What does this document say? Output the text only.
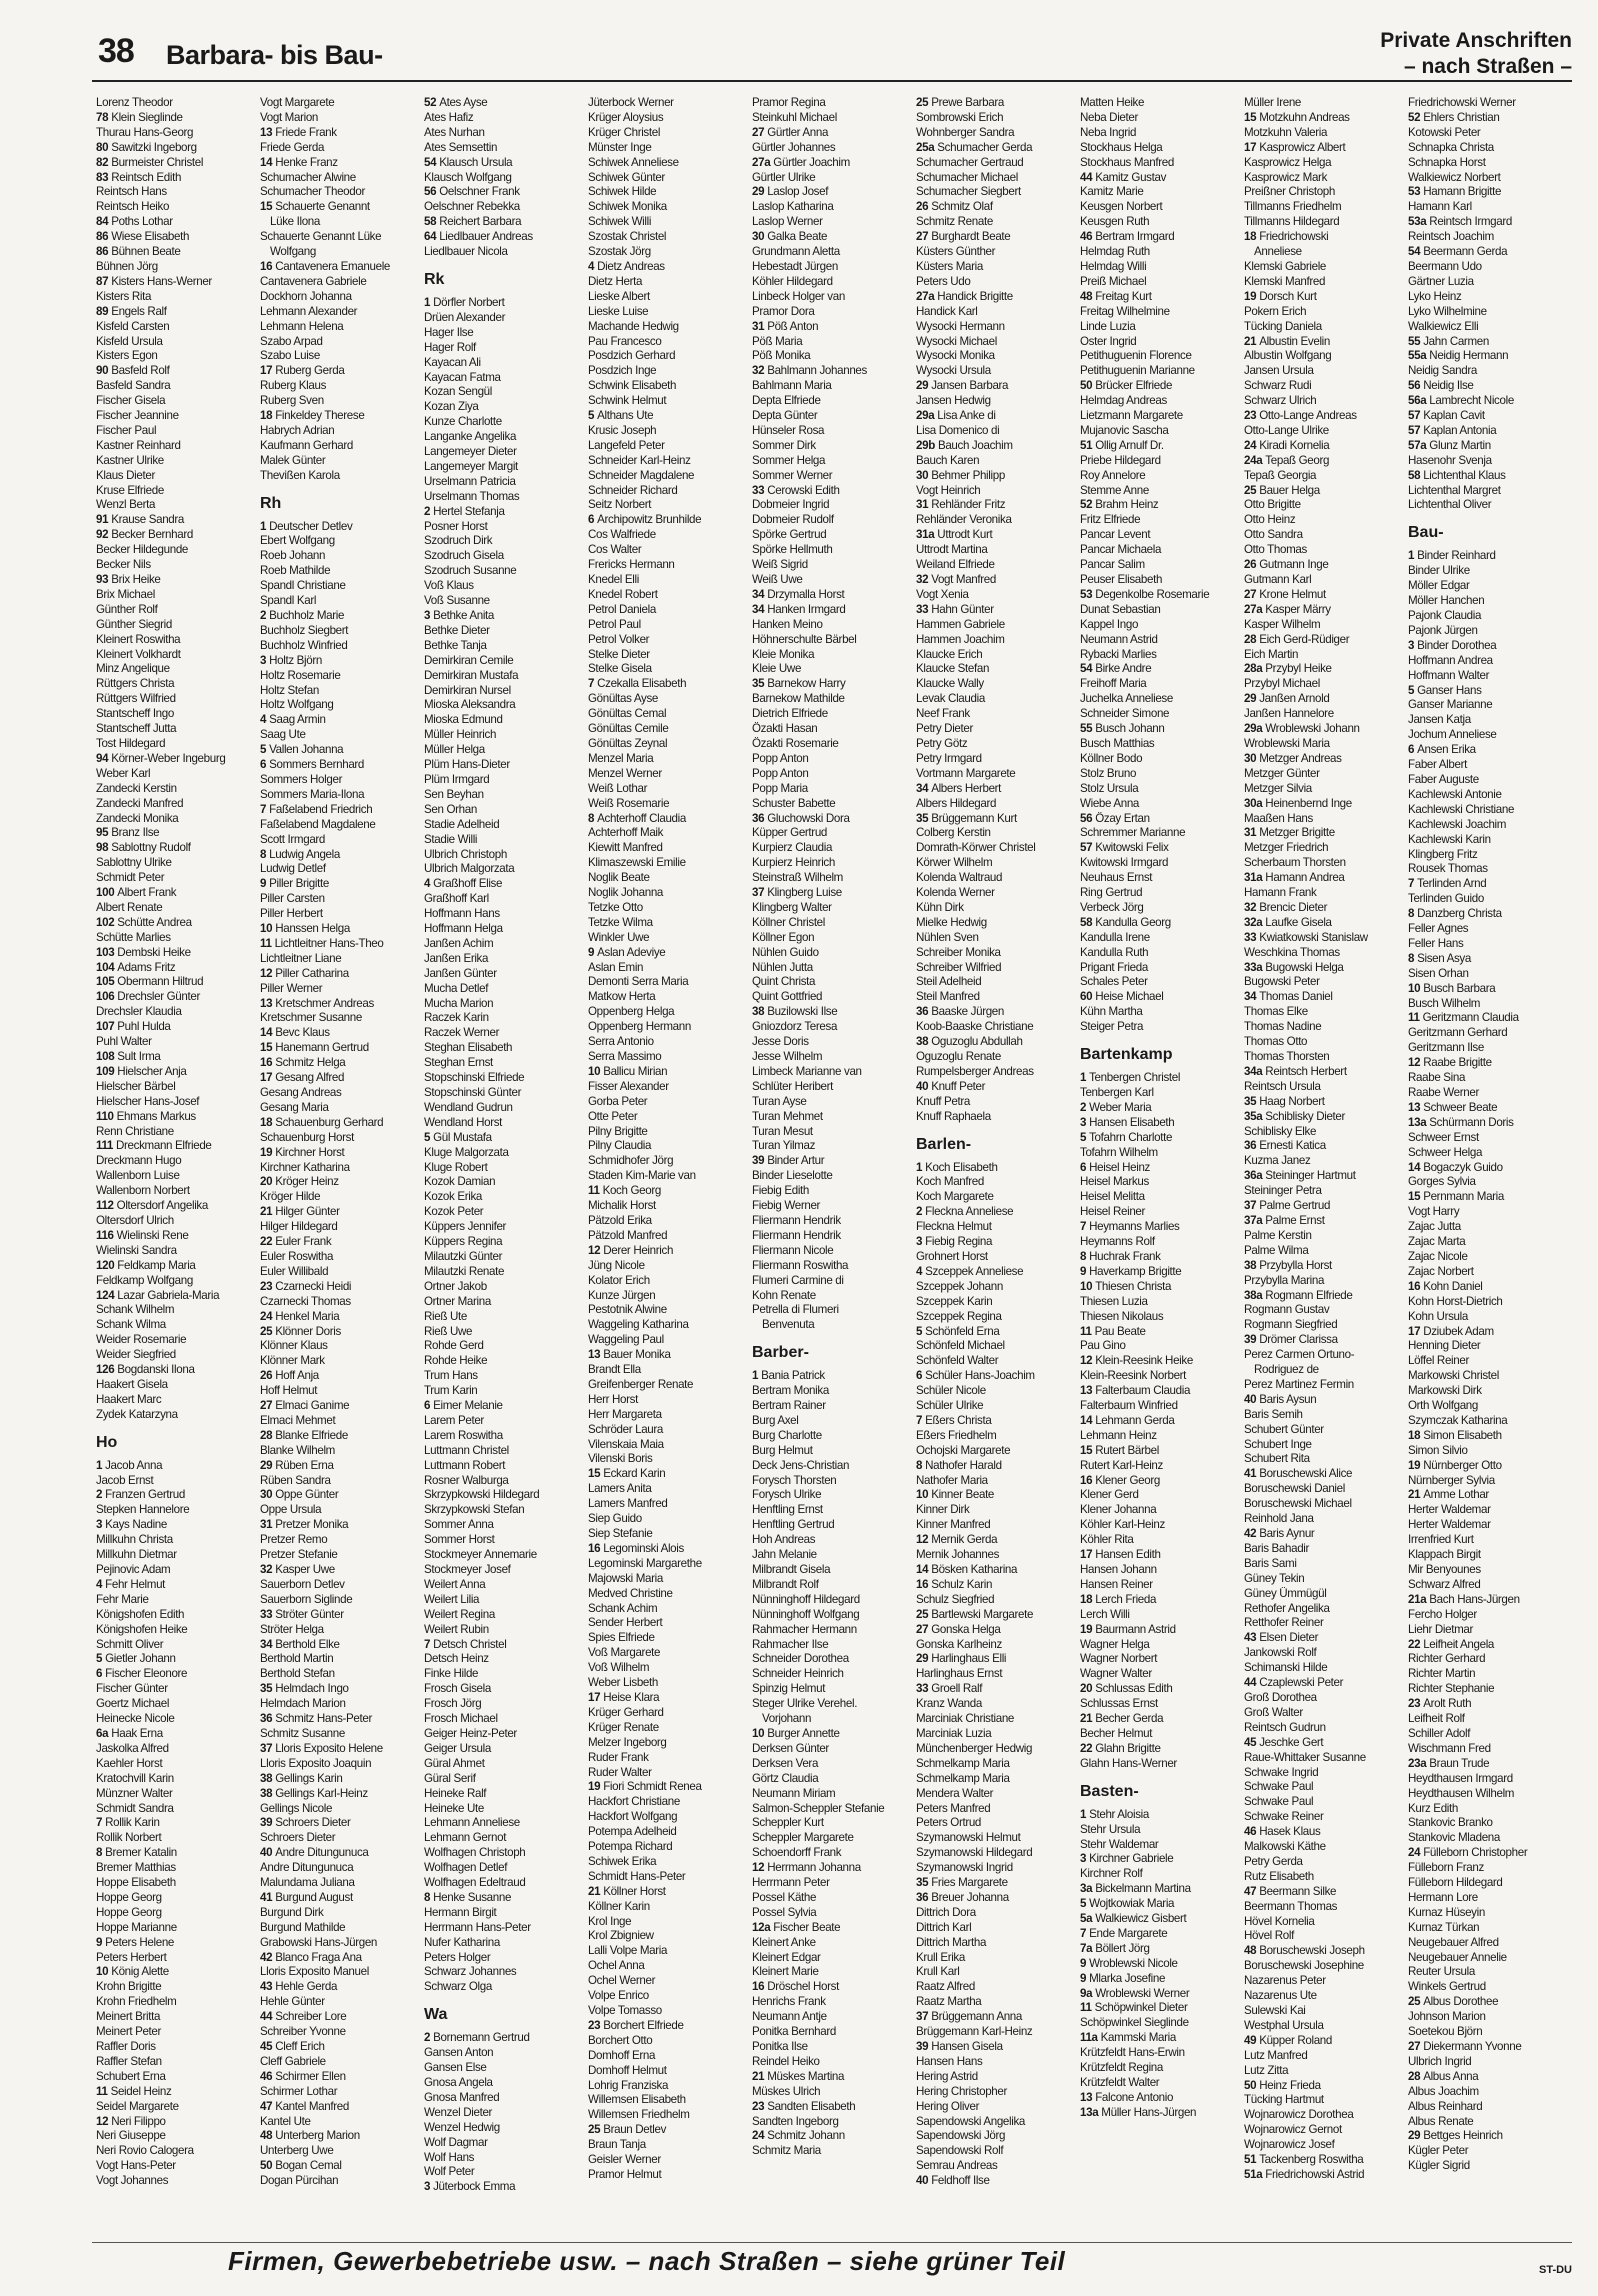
38 Barbara- bis Bau-	Private Anschriften
– nach Straßen –
Lorenz Theodor
78 Klein Sieglinde
Thurau Hans-Georg
80 Sawitzki Ingeborg
82 Burmeister Christel
83 Reintsch Edith
Reintsch Hans
Reintsch Heiko
84 Poths Lothar
86 Wiese Elisabeth
86 Bühnen Beate
Bühnen Jörg
87 Kisters Hans-Werner
Kisters Rita
89 Engels Ralf
Kisfeld Carsten
Kisfeld Ursula
Kisters Egon
90 Basfeld Rolf
Basfeld Sandra
Fischer Gisela
Fischer Jeannine
Fischer Paul
Kastner Reinhard
Kastner Ulrike
Klaus Dieter
Kruse Elfriede
Wenzl Berta
91 Krause Sandra
92 Becker Bernhard
Becker Hildegunde
Becker Nils
93 Brix Heike
Brix Michael
Günther Rolf
Günther Siegrid
Kleinert Roswitha
Kleinert Volkhardt
Minz Angelique
Rüttgers Christa
Rüttgers Wilfried
Stantscheff Ingo
Stantscheff Jutta
Tost Hildegard
94 Körner-Weber Ingeburg
Weber Karl
Zandecki Kerstin
Zandecki Manfred
Zandecki Monika
95 Branz Ilse
98 Sablottny Rudolf
Sablottny Ulrike
Schmidt Peter
100 Albert Frank
Albert Renate
102 Schütte Andrea
Schütte Marlies
103 Dembski Heike
104 Adams Fritz
105 Obermann Hiltrud
106 Drechsler Günter
Drechsler Klaudia
107 Puhl Hulda
Puhl Walter
108 Sult Irma
109 Hielscher Anja
Hielscher Bärbel
Hielscher Hans-Josef
110 Ehmans Markus
Renn Christiane
111 Dreckmann Elfriede
Dreckmann Hugo
Wallenborn Luise
Wallenborn Norbert
112 Oltersdorf Angelika
Oltersdorf Ulrich
116 Wielinski Rene
Wielinski Sandra
120 Feldkamp Maria
Feldkamp Wolfgang
124 Lazar Gabriela-Maria
Schank Wilhelm
Schank Wilma
Weider Rosemarie
Weider Siegfried
126 Bogdanski Ilona
Haakert Gisela
Haakert Marc
Zydek Katarzyna
Ho
1 Jacob Anna
Jacob Ernst
2 Franzen Gertrud
Stepken Hannelore
3 Kays Nadine
Millkuhn Christa
Millkuhn Dietmar
Pejinovic Adam
4 Fehr Helmut
Fehr Marie
Königshofen Edith
Königshofen Heike
Schmitt Oliver
5 Gietler Johann
6 Fischer Eleonore
Fischer Günter
Goertz Michael
Heinecke Nicole
6a Haak Erna
Jaskolka Alfred
Kaehler Horst
Kratochvill Karin
Münzner Walter
Schmidt Sandra
7 Rollik Karin
Rollik Norbert
8 Bremer Katalin
Bremer Matthias
Hoppe Elisabeth
Hoppe Georg
Hoppe Georg
Hoppe Marianne
9 Peters Helene
Peters Herbert
10 König Alette
Krohn Brigitte
Krohn Friedhelm
Meinert Britta
Meinert Peter
Raffler Doris
Raffler Stefan
Schubert Erna
11 Seidel Heinz
Seidel Margarete
12 Neri Filippo
Neri Giuseppe
Neri Rovio Calogera
Vogt Hans-Peter
Vogt Johannes
Vogt Margarete
Vogt Marion
13 Friede Frank
Friede Gerda
14 Henke Franz
Schumacher Alwine
Schumacher Theodor
15 Schauerte Genannt
Lüke Ilona
Schauerte Genannt Lüke
Wolfgang
16 Cantavenera Emanuele
Cantavenera Gabriele
Dockhorn Johanna
Lehmann Alexander
Lehmann Helena
Szabo Arpad
Szabo Luise
17 Ruberg Gerda
Ruberg Klaus
Ruberg Sven
18 Finkeldey Therese
Habrych Adrian
Kaufmann Gerhard
Malek Günter
Thevißen Karola
Rh
1 Deutscher Detlev
Ebert Wolfgang
Roeb Johann
Roeb Mathilde
Spandl Christiane
Spandl Karl
2 Buchholz Marie
Buchholz Siegbert
Buchholz Winfried
3 Holtz Björn
Holtz Rosemarie
Holtz Stefan
Holtz Wolfgang
4 Saag Armin
Saag Ute
5 Vallen Johanna
6 Sommers Bernhard
Sommers Holger
Sommers Maria-Ilona
7 Faßelabend Friedrich
Faßelabend Magdalene
Scott Irmgard
8 Ludwig Angela
Ludwig Detlef
9 Piller Brigitte
Piller Carsten
Piller Herbert
10 Hanssen Helga
11 Lichtleitner Hans-Theo
Lichtleitner Liane
12 Piller Catharina
Piller Werner
13 Kretschmer Andreas
Kretschmer Susanne
14 Bevc Klaus
15 Hanemann Gertrud
16 Schmitz Helga
17 Gesang Alfred
Gesang Andreas
Gesang Maria
18 Schauenburg Gerhard
Schauenburg Horst
19 Kirchner Horst
Kirchner Katharina
20 Kröger Heinz
Kröger Hilde
21 Hilger Günter
Hilger Hildegard
22 Euler Frank
Euler Roswitha
Euler Willibald
23 Czarnecki Heidi
Czarnecki Thomas
24 Henkel Maria
25 Klönner Doris
Klönner Klaus
Klönner Mark
26 Hoff Anja
Hoff Helmut
27 Elmaci Ganime
Elmaci Mehmet
28 Blanke Elfriede
Blanke Wilhelm
29 Rüben Erna
Rüben Sandra
30 Oppe Günter
Oppe Ursula
31 Pretzer Monika
Pretzer Remo
Pretzer Stefanie
32 Kasper Uwe
Sauerborn Detlev
Sauerborn Siglinde
33 Ströter Günter
Ströter Helga
34 Berthold Elke
Berthold Martin
Berthold Stefan
35 Helmdach Ingo
Helmdach Marion
36 Schmitz Hans-Peter
Schmitz Susanne
37 Lloris Exposito Helene
Lloris Exposito Joaquin
38 Gellings Karin
38 Gellings Karl-Heinz
Gellings Nicole
39 Schroers Dieter
Schroers Dieter
40 Andre Ditungunuca
Andre Ditungunuca
Malundama Juliana
41 Burgund August
Burgund Dirk
Burgund Mathilde
Grabowski Hans-Jürgen
42 Blanco Fraga Ana
Lloris Exposito Manuel
43 Hehle Gerda
Hehle Günter
44 Schreiber Lore
Schreiber Yvonne
45 Cleff Erich
Cleff Gabriele
46 Schirmer Ellen
Schirmer Lothar
47 Kantel Manfred
Kantel Ute
48 Unterberg Marion
Unterberg Uwe
50 Bogan Cemal
Dogan Pürcihan
52 Ates Ayse
Ates Hafiz
Ates Nurhan
Ates Semsettin
54 Klausch Ursula
Klausch Wolfgang
56 Oelschner Frank
Oelschner Rebekka
58 Reichert Barbara
64 Liedlbauer Andreas
Liedlbauer Nicola
Rk
1 Dörfler Norbert
Drüen Alexander
Hager Ilse
Hager Rolf
Kayacan Ali
Kayacan Fatma
Kozan Sengül
Kozan Ziya
Kunze Charlotte
Langanke Angelika
Langemeyer Dieter
Langemeyer Margit
Urselmann Patricia
Urselmann Thomas
2 Hertel Stefanja
Posner Horst
Szodruch Dirk
Szodruch Gisela
Szodruch Susanne
Voß Klaus
Voß Susanne
3 Bethke Anita
Bethke Dieter
Bethke Tanja
Demirkiran Cemile
Demirkiran Mustafa
Demirkiran Nursel
Mioska Aleksandra
Mioska Edmund
Müller Heinrich
Müller Helga
Plüm Hans-Dieter
Plüm Irmgard
Sen Beyhan
Sen Orhan
Stadie Adelheid
Stadie Willi
Ulbrich Christoph
Ulbrich Malgorzata
4 Graßhoff Elise
Graßhoff Karl
Hoffmann Hans
Hoffmann Helga
Janßen Achim
Janßen Erika
Janßen Günter
Mucha Detlef
Mucha Marion
Raczek Karin
Raczek Werner
Steghan Elisabeth
Steghan Ernst
Stopschinski Elfriede
Stopschinski Günter
Wendland Gudrun
Wendland Horst
5 Gül Mustafa
Kluge Malgorzata
Kluge Robert
Kozok Damian
Kozok Erika
Kozok Peter
Küppers Jennifer
Küppers Regina
Milautzki Günter
Milautzki Renate
Ortner Jakob
Ortner Marina
Rieß Ute
Rieß Uwe
Rohde Gerd
Rohde Heike
Trum Hans
Trum Karin
6 Eimer Melanie
Larem Peter
Larem Roswitha
Luttmann Christel
Luttmann Robert
Rosner Walburga
Skrzypkowski Hildegard
Skrzypkowski Stefan
Sommer Anna
Sommer Horst
Stockmeyer Annemarie
Stockmeyer Josef
Weilert Anna
Weilert Lilia
Weilert Regina
Weilert Rubin
7 Detsch Christel
Detsch Heinz
Finke Hilde
Frosch Gisela
Frosch Jörg
Frosch Michael
Geiger Heinz-Peter
Geiger Ursula
Güral Ahmet
Güral Serif
Heineke Ralf
Heineke Ute
Lehmann Anneliese
Lehmann Gernot
Wolfhagen Christoph
Wolfhagen Detlef
Wolfhagen Edeltraud
8 Henke Susanne
Hermann Birgit
Herrmann Hans-Peter
Nufer Katharina
Peters Holger
Schwarz Johannes
Schwarz Olga
Wa
2 Bornemann Gertrud
Gansen Anton
Gansen Else
Gnosa Angela
Gnosa Manfred
Wenzel Dieter
Wenzel Hedwig
Wolf Dagmar
Wolf Hans
Wolf Peter
3 Jüterbock Emma
Jüterbock Werner
Krüger Aloysius
Krüger Christel
Münster Inge
Schiwek Anneliese
Schiwek Günter
Schiwek Hilde
Schiwek Monika
Schiwek Willi
Szostak Christel
Szostak Jörg
4 Dietz Andreas
Dietz Herta
Lieske Albert
Lieske Luise
Machande Hedwig
Pau Francesco
Posdzich Gerhard
Posdzich Inge
Schwink Elisabeth
Schwink Helmut
5 Althans Ute
Krusic Joseph
Langefeld Peter
Schneider Karl-Heinz
Schneider Magdalene
Schneider Richard
Seitz Norbert
6 Archipowitz Brunhilde
Cos Walfriede
Cos Walter
Frericks Hermann
Knedel Elli
Knedel Robert
Petrol Daniela
Petrol Paul
Petrol Volker
Stelke Dieter
Stelke Gisela
7 Czekalla Elisabeth
Gönültas Ayse
Gönültas Cemal
Gönültas Cemile
Gönültas Zeynal
Menzel Maria
Menzel Werner
Weiß Lothar
Weiß Rosemarie
8 Achterhoff Claudia
Achterhoff Maik
Kiewitt Manfred
Klimaszewski Emilie
Noglik Beate
Noglik Johanna
Tetzke Otto
Tetzke Wilma
Winkler Uwe
9 Aslan Adeviye
Aslan Emin
Demonti Serra Maria
Matkow Herta
Oppenberg Helga
Oppenberg Hermann
Serra Antonio
Serra Massimo
10 Ballicu Mirian
Fisser Alexander
Gorba Peter
Otte Peter
Pilny Brigitte
Pilny Claudia
Schmidhofer Jörg
Staden Kim-Marie van
11 Koch Georg
Michalik Horst
Pätzold Erika
Pätzold Manfred
12 Derer Heinrich
Jüng Nicole
Kolator Erich
Kunze Jürgen
Pestotnik Alwine
Waggeling Katharina
Waggeling Paul
13 Bauer Monika
Brandt Ella
Greifenberger Renate
Herr Horst
Herr Margareta
Schröder Laura
Vilenskaia Maia
Vilenski Boris
15 Eckard Karin
Lamers Anita
Lamers Manfred
Siep Guido
Siep Stefanie
16 Legominski Alois
Legominski Margarethe
Majowski Maria
Medved Christine
Schank Achim
Sender Herbert
Spies Elfriede
Voß Margarete
Voß Wilhelm
Weber Lisbeth
17 Heise Klara
Krüger Gerhard
Krüger Renate
Melzer Ingeborg
Ruder Frank
Ruder Walter
19 Fiori Schmidt Renea
Hackfort Christiane
Hackfort Wolfgang
Potempa Adelheid
Potempa Richard
Schiwek Erika
Schmidt Hans-Peter
21 Köllner Horst
Köllner Karin
Krol Inge
Krol Zbigniew
Lalli Volpe Maria
Ochel Anna
Ochel Werner
Volpe Enrico
Volpe Tomasso
23 Borchert Elfriede
Borchert Otto
Domhoff Erna
Domhoff Helmut
Lohrig Franziska
Willemsen Elisabeth
Willemsen Friedhelm
25 Braun Detlev
Braun Tanja
Geisler Werner
Pramor Helmut
Pramor Regina
Steinkuhl Michael
27 Gürtler Anna
Gürtler Johannes
27a Gürtler Joachim
Gürtler Ulrike
29 Laslop Josef
Laslop Katharina
Laslop Werner
30 Galka Beate
Grundmann Aletta
Hebestadt Jürgen
Köhler Hildegard
Linbeck Holger van
Pramor Dora
31 Pöß Anton
Pöß Maria
Pöß Monika
32 Bahlmann Johannes
Bahlmann Maria
Depta Elfriede
Depta Günter
Hünseler Rosa
Sommer Dirk
Sommer Helga
Sommer Werner
33 Cerowski Edith
Dobmeier Ingrid
Dobmeier Rudolf
Spörke Gertrud
Spörke Hellmuth
Weiß Sigrid
Weiß Uwe
34 Drzymalla Horst
34 Hanken Irmgard
Hanken Meino
Höhnerschulte Bärbel
Kleie Monika
Kleie Uwe
35 Barnekow Harry
Barnekow Mathilde
Dietrich Elfriede
Özakti Hasan
Özakti Rosemarie
Popp Anton
Popp Anton
Popp Maria
Schuster Babette
36 Gluchowski Dora
Küpper Gertrud
Kurpierz Claudia
Kurpierz Heinrich
Steinstraß Wilhelm
37 Klingberg Luise
Klingberg Walter
Köllner Christel
Köllner Egon
Nühlen Guido
Nühlen Jutta
Quint Christa
Quint Gottfried
38 Buzilowski Ilse
Gniozdorz Teresa
Jesse Doris
Jesse Wilhelm
Limbeck Marianne van
Schlüter Heribert
Turan Ayse
Turan Mehmet
Turan Mesut
Turan Yilmaz
39 Binder Artur
Binder Lieselotte
Fiebig Edith
Fiebig Werner
Fliermann Hendrik
Fliermann Hendrik
Fliermann Nicole
Fliermann Roswitha
Flumeri Carmine di
Kohn Renate
Petrella di Flumeri
Benvenuta
Barber-
1 Bania Patrick
Bertram Monika
Bertram Rainer
Burg Axel
Burg Charlotte
Burg Helmut
Deck Jens-Christian
Forysch Thorsten
Forysch Ulrike
Henftling Ernst
Henftling Gertrud
Hoh Andreas
Jahn Melanie
Milbrandt Gisela
Milbrandt Rolf
Nünninghoff Hildegard
Nünninghoff Wolfgang
Rahmacher Hermann
Rahmacher Ilse
Schneider Dorothea
Schneider Heinrich
Spinzig Helmut
Steger Ulrike Verehel.
Vorjohann
10 Burger Annette
Derksen Günter
Derksen Vera
Görtz Claudia
Neumann Miriam
Salmon-Scheppler Stefanie
Scheppler Kurt
Scheppler Margarete
Schoendorff Frank
12 Herrmann Johanna
Herrmann Peter
Possel Käthe
Possel Sylvia
12a Fischer Beate
Kleinert Anke
Kleinert Edgar
Kleinert Marie
16 Dröschel Horst
Henrichs Frank
Neumann Antje
Ponitka Bernhard
Ponitka Ilse
Reindel Heiko
21 Müskes Martina
Müskes Ulrich
23 Sandten Elisabeth
Sandten Ingeborg
24 Schmitz Johann
Schmitz Maria
25 Prewe Barbara
Sombrowski Erich
Wohnberger Sandra
25a Schumacher Gerda
Schumacher Gertraud
Schumacher Michael
Schumacher Siegbert
26 Schmitz Olaf
Schmitz Renate
27 Burghardt Beate
Küsters Günther
Küsters Maria
Peters Udo
27a Handick Brigitte
Handick Karl
Wysocki Hermann
Wysocki Michael
Wysocki Monika
Wysocki Ursula
29 Jansen Barbara
Jansen Hedwig
29a Lisa Anke di
Lisa Domenico di
29b Bauch Joachim
Bauch Karen
30 Behmer Philipp
Vogt Heinrich
31 Rehländer Fritz
Rehländer Veronika
31a Uttrodt Kurt
Uttrodt Martina
Weiland Elfriede
32 Vogt Manfred
Vogt Xenia
33 Hahn Günter
Hammen Gabriele
Hammen Joachim
Klaucke Erich
Klaucke Stefan
Klaucke Wally
Levak Claudia
Neef Frank
Petry Dieter
Petry Götz
Petry Irmgard
Vortmann Margarete
34 Albers Herbert
Albers Hildegard
35 Brüggemann Kurt
Colberg Kerstin
Domrath-Körwer Christel
Körwer Wilhelm
Kolenda Waltraud
Kolenda Werner
Kühn Dirk
Mielke Hedwig
Nühlen Sven
Schreiber Monika
Schreiber Wilfried
Steil Adelheid
Steil Manfred
36 Baaske Jürgen
Koob-Baaske Christiane
38 Oguzoglu Abdullah
Oguzoglu Renate
Rumpelsberger Andreas
40 Knuff Peter
Knuff Petra
Knuff Raphaela
Barlen-
1 Koch Elisabeth
Koch Manfred
Koch Margarete
2 Fleckna Anneliese
Fleckna Helmut
3 Fiebig Regina
Grohnert Horst
4 Szceppek Anneliese
Szceppek Johann
Szceppek Karin
Szceppek Regina
5 Schönfeld Erna
Schönfeld Michael
Schönfeld Walter
6 Schüler Hans-Joachim
Schüler Nicole
Schüler Ulrike
7 Eßers Christa
Eßers Friedhelm
Ochojski Margarete
8 Nathofer Harald
Nathofer Maria
10 Kinner Beate
Kinner Dirk
Kinner Manfred
12 Mernik Gerda
Mernik Johannes
14 Bösken Katharina
16 Schulz Karin
Schulz Siegfried
25 Bartlewski Margarete
27 Gonska Helga
Gonska Karlheinz
29 Harlinghaus Elli
Harlinghaus Ernst
33 Groell Ralf
Kranz Wanda
Marciniak Christiane
Marciniak Luzia
Münchenberger Hedwig
Schmelkamp Maria
Schmelkamp Maria
Mendera Walter
Peters Manfred
Peters Ortrud
Szymanowski Helmut
Szymanowski Hildegard
Szymanowski Ingrid
35 Fries Margarete
36 Breuer Johanna
Dittrich Dora
Dittrich Karl
Dittrich Martha
Krull Erika
Krull Karl
Raatz Alfred
Raatz Martha
37 Brüggemann Anna
Brüggemann Karl-Heinz
39 Hansen Gisela
Hansen Hans
Hering Astrid
Hering Christopher
Hering Oliver
Sapendowski Angelika
Sapendowski Jörg
Sapendowski Rolf
Semrau Andreas
40 Feldhoff Ilse
Matten Heike
Neba Dieter
Neba Ingrid
Stockhaus Helga
Stockhaus Manfred
44 Kamitz Gustav
Kamitz Marie
Keusgen Norbert
Keusgen Ruth
46 Bertram Irmgard
Helmdag Ruth
Helmdag Willi
Preiß Michael
48 Freitag Kurt
Freitag Wilhelmine
Linde Luzia
Oster Ingrid
Petithuguenin Florence
Petithuguenin Marianne
50 Brücker Elfriede
Helmdag Andreas
Lietzmann Margarete
Mujanovic Sascha
51 Ollig Arnulf Dr.
Priebe Hildegard
Roy Annelore
Stemme Anne
52 Brahm Heinz
Fritz Elfriede
Pancar Levent
Pancar Michaela
Pancar Salim
Peuser Elisabeth
53 Degenkolbe Rosemarie
Dunat Sebastian
Kappel Ingo
Neumann Astrid
Rybacki Marlies
54 Birke Andre
Freihoff Maria
Juchelka Anneliese
Schneider Simone
55 Busch Johann
Busch Matthias
Köllner Bodo
Stolz Bruno
Stolz Ursula
Wiebe Anna
56 Özay Ertan
Schremmer Marianne
57 Kwitowski Felix
Kwitowski Irmgard
Neuhaus Ernst
Ring Gertrud
Verbeck Jörg
58 Kandulla Georg
Kandulla Irene
Kandulla Ruth
Prigant Frieda
Schales Peter
60 Heise Michael
Kühn Martha
Steiger Petra
Bartenkamp
1 Tenbergen Christel
Tenbergen Karl
2 Weber Maria
3 Hansen Elisabeth
5 Tofahrn Charlotte
Tofahrn Wilhelm
6 Heisel Heinz
Heisel Markus
Heisel Melitta
Heisel Reiner
7 Heymanns Marlies
Heymanns Rolf
8 Huchrak Frank
9 Haverkamp Brigitte
10 Thiesen Christa
Thiesen Luzia
Thiesen Nikolaus
11 Pau Beate
Pau Gino
12 Klein-Reesink Heike
Klein-Reesink Norbert
13 Falterbaum Claudia
Falterbaum Winfried
14 Lehmann Gerda
Lehmann Heinz
15 Rutert Bärbel
Rutert Karl-Heinz
16 Klener Georg
Klener Gerd
Klener Johanna
Köhler Karl-Heinz
Köhler Rita
17 Hansen Edith
Hansen Johann
Hansen Reiner
18 Lerch Frieda
Lerch Willi
19 Baurmann Astrid
Wagner Helga
Wagner Norbert
Wagner Walter
20 Schlussas Edith
Schlussas Ernst
21 Becher Gerda
Becher Helmut
22 Glahn Brigitte
Glahn Hans-Werner
Basten-
1 Stehr Aloisia
Stehr Ursula
Stehr Waldemar
3 Kirchner Gabriele
Kirchner Rolf
3a Bickelmann Martina
5 Wojtkowiak Maria
5a Walkiewicz Gisbert
7 Ende Margarete
7a Böllert Jörg
9 Wroblewski Nicole
9 Mlarka Josefine
9a Wroblewski Werner
11 Schöpwinkel Dieter
Schöpwinkel Sieglinde
11a Kammski Maria
Krützfeldt Hans-Erwin
Krützfeldt Regina
Krützfeldt Walter
13 Falcone Antonio
13a Müller Hans-Jürgen
Müller Irene
15 Motzkuhn Andreas
Motzkuhn Valeria
17 Kasprowicz Albert
Kasprowicz Helga
Kasprowicz Mark
Preißner Christoph
Tillmanns Friedhelm
Tillmanns Hildegard
18 Friedrichowski
Anneliese
Klemski Gabriele
Klemski Manfred
19 Dorsch Kurt
Pokern Erich
Tücking Daniela
21 Albustin Evelin
Albustin Wolfgang
Jansen Ursula
Schwarz Rudi
Schwarz Ulrich
23 Otto-Lange Andreas
Otto-Lange Ulrike
24 Kiradi Kornelia
24a Tepaß Georg
Tepaß Georgia
25 Bauer Helga
Otto Brigitte
Otto Heinz
Otto Sandra
Otto Thomas
26 Gutmann Inge
Gutmann Karl
27 Krone Helmut
27a Kasper Märry
Kasper Wilhelm
28 Eich Gerd-Rüdiger
Eich Martin
28a Przybyl Heike
Przybyl Michael
29 Janßen Arnold
Janßen Hannelore
29a Wroblewski Johann
Wroblewski Maria
30 Metzger Andreas
Metzger Günter
Metzger Silvia
30a Heinenbernd Inge
Maaßen Hans
31 Metzger Brigitte
Metzger Friedrich
Scherbaum Thorsten
31a Hamann Andrea
Hamann Frank
32 Brencic Dieter
32a Laufke Gisela
33 Kwiatkowski Stanislaw
Weschkina Thomas
33a Bugowski Helga
Bugowski Peter
34 Thomas Daniel
Thomas Elke
Thomas Nadine
Thomas Otto
Thomas Thorsten
34a Reintsch Herbert
Reintsch Ursula
35 Haag Norbert
35a Schiblisky Dieter
Schiblisky Elke
36 Ernesti Katica
Kuzma Janez
36a Steininger Hartmut
Steininger Petra
37 Palme Gertrud
37a Palme Ernst
Palme Kerstin
Palme Wilma
38 Przybylla Horst
Przybylla Marina
38a Rogmann Elfriede
Rogmann Gustav
Rogmann Siegfried
39 Drömer Clarissa
Perez Carmen Ortuno-
Rodriguez de
Perez Martinez Fermin
40 Baris Aysun
Baris Semih
Schubert Günter
Schubert Inge
Schubert Rita
41 Boruschewski Alice
Boruschewski Daniel
Boruschewski Michael
Reinhold Jana
42 Baris Aynur
Baris Bahadir
Baris Sami
Güney Tekin
Güney Ümmügül
Rethofer Angelika
Retthofer Reiner
43 Elsen Dieter
Jankowski Rolf
Schimanski Hilde
44 Czaplewski Peter
Groß Dorothea
Groß Walter
Reintsch Gudrun
45 Jeschke Gert
Raue-Whittaker Susanne
Schwake Ingrid
Schwake Paul
Schwake Paul
Schwake Reiner
46 Hasek Klaus
Malkowski Käthe
Petry Gerda
Rutz Elisabeth
47 Beermann Silke
Beermann Thomas
Hövel Kornelia
Hövel Rolf
48 Boruschewski Joseph
Boruschewski Josephine
Nazarenus Peter
Nazarenus Ute
Sulewski Kai
Westphal Ursula
49 Küpper Roland
Lutz Manfred
Lutz Zitta
50 Heinz Frieda
Tücking Hartmut
Wojnarowicz Dorothea
Wojnarowicz Gernot
Wojnarowicz Josef
51 Tackenberg Roswitha
51a Friedrichowski Astrid
Friedrichowski Werner
52 Ehlers Christian
Kotowski Peter
Schnapka Christa
Schnapka Horst
Walkiewicz Norbert
53 Hamann Brigitte
Hamann Karl
53a Reintsch Irmgard
Reintsch Joachim
54 Beermann Gerda
Beermann Udo
Gärtner Luzia
Lyko Heinz
Lyko Wilhelmine
Walkiewicz Elli
55 Jahn Carmen
55a Neidig Hermann
Neidig Sandra
56 Neidig Ilse
56a Lambrecht Nicole
57 Kaplan Cavit
57 Kaplan Antonia
57a Glunz Martin
Hasenohr Svenja
58 Lichtenthal Klaus
Lichtenthal Margret
Lichtenthal Oliver
Bau-
1 Binder Reinhard
Binder Ulrike
Möller Edgar
Möller Hanchen
Pajonk Claudia
Pajonk Jürgen
3 Binder Dorothea
Hoffmann Andrea
Hoffmann Walter
5 Ganser Hans
Ganser Marianne
Jansen Katja
Jochum Anneliese
6 Ansen Erika
Faber Albert
Faber Auguste
Kachlewski Antonie
Kachlewski Christiane
Kachlewski Joachim
Kachlewski Karin
Klingberg Fritz
Rousek Thomas
7 Terlinden Arnd
Terlinden Guido
8 Danzberg Christa
Feller Agnes
Feller Hans
8 Sisen Asya
Sisen Orhan
10 Busch Barbara
Busch Wilhelm
11 Geritzmann Claudia
Geritzmann Gerhard
Geritzmann Ilse
12 Raabe Brigitte
Raabe Sina
Raabe Werner
13 Schweer Beate
13a Schürmann Doris
Schweer Ernst
Schweer Helga
14 Bogaczyk Guido
Gorges Sylvia
15 Pernmann Maria
Vogt Harry
Zajac Jutta
Zajac Marta
Zajac Nicole
Zajac Norbert
16 Kohn Daniel
Kohn Horst-Dietrich
Kohn Ursula
17 Dziubek Adam
Henning Dieter
Löffel Reiner
Markowski Christel
Markowski Dirk
Orth Wolfgang
Szymczak Katharina
18 Simon Elisabeth
Simon Silvio
19 Nürnberger Otto
Nürnberger Sylvia
21 Amme Lothar
Herter Waldemar
Herter Waldemar
Irrenfried Kurt
Klappach Birgit
Mir Benyounes
Schwarz Alfred
21a Bach Hans-Jürgen
Fercho Holger
Liehr Dietmar
22 Leifheit Angela
Richter Gerhard
Richter Martin
Richter Stephanie
23 Arolt Ruth
Leifheit Rolf
Schiller Adolf
Wischmann Fred
23a Braun Trude
Heydthausen Irmgard
Heydthausen Wilhelm
Kurz Edith
Stankovic Branko
Stankovic Mladena
24 Fülleborn Christopher
Fülleborn Franz
Fülleborn Hildegard
Hermann Lore
Kurnaz Hüseyin
Kurnaz Türkan
Neugebauer Alfred
Neugebauer Annelie
Reuter Ursula
Winkels Gertrud
25 Albus Dorothee
Johnson Marion
Soetekou Björn
27 Diekermann Yvonne
Ulbrich Ingrid
28 Albus Anna
Albus Joachim
Albus Reinhard
Albus Renate
29 Bettges Heinrich
Kügler Peter
Kügler Sigrid
Firmen, Gewerbebetriebe usw. – nach Straßen – siehe grüner Teil	ST-DU
